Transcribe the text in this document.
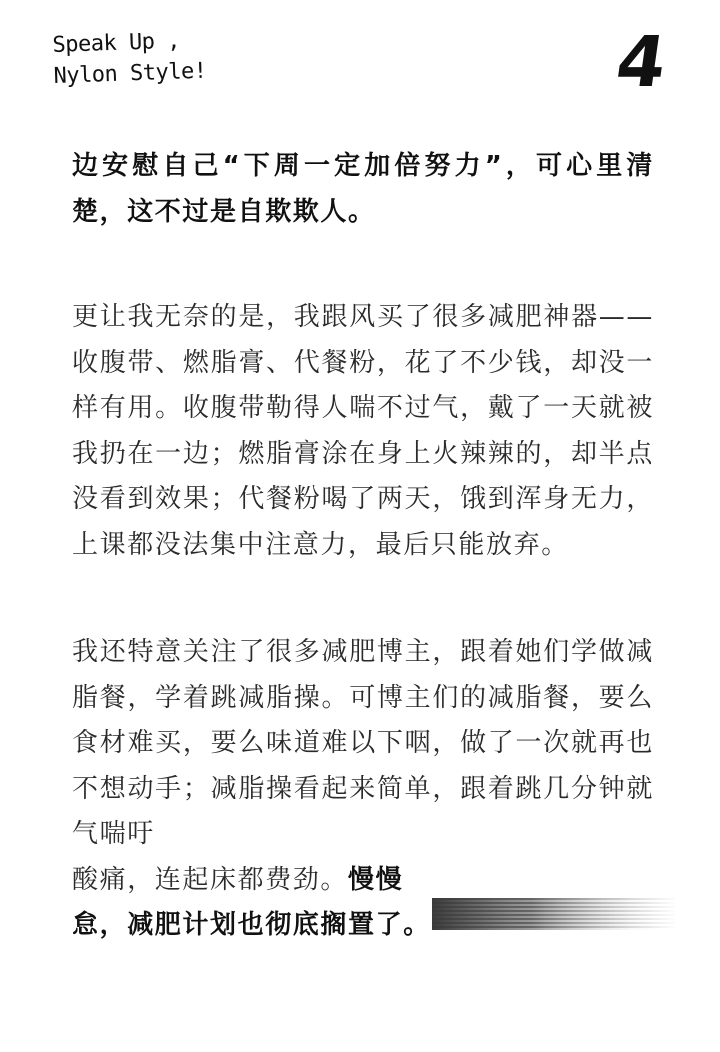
Speak Up ,
Nylon Style!	4

边安慰自己“下周一定加倍努力”，可心里清楚，这不过是自欺欺人。

更让我无奈的是，我跟风买了很多减肥神器——收腹带、燃脂膏、代餐粉，花了不少钱，却没一样有用。收腹带勒得人喘不过气，戴了一天就被我扔在一边；燃脂膏涂在身上火辣辣的，却半点没看到效果；代餐粉喝了两天，饿到浑身无力，上课都没法集中注意力，最后只能放弃。

我还特意关注了很多减肥博主，跟着她们学做减脂餐，学着跳减脂操。可博主们的减脂餐，要么食材难买，要么味道难以下咽，做了一次就再也不想动手；减脂操看起来简单，跟着跳几分钟就气喘吁
酸痛，连起床都费劲。慢慢

怠，减肥计划也彻底搁置了。
